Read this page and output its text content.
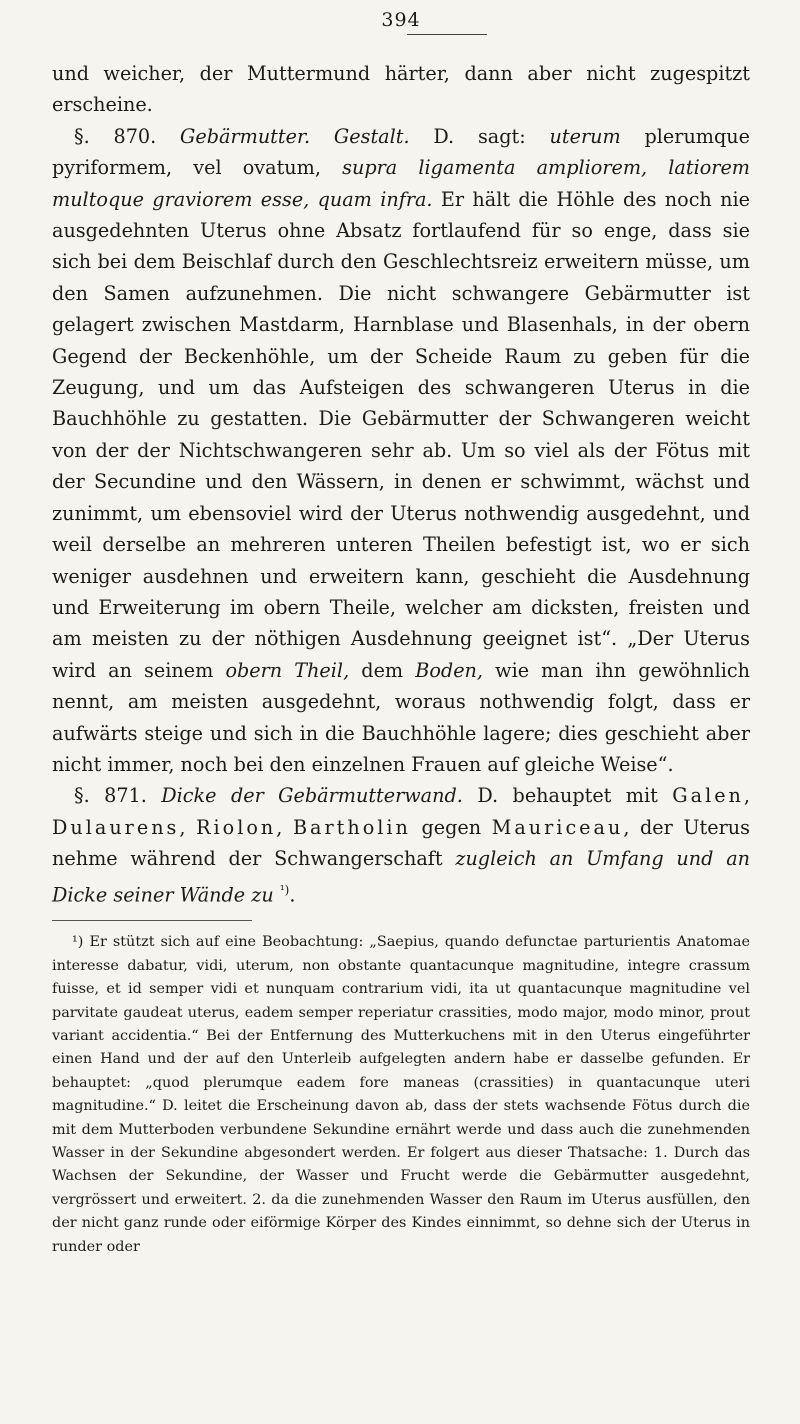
394

und weicher, der Muttermund härter, dann aber nicht zugespitzt erscheine.

§. 870. Gebärmutter. Gestalt. D. sagt: uterum plerumque pyriformem, vel ovatum, supra ligamenta ampliorem, latiorem multoque graviorem esse, quam infra. Er hält die Höhle des noch nie ausgedehnten Uterus ohne Absatz fortlaufend für so enge, dass sie sich bei dem Beischlaf durch den Geschlechtsreiz erweitern müsse, um den Samen aufzunehmen. Die nicht schwangere Gebärmutter ist gelagert zwischen Mastdarm, Harnblase und Blasenhals, in der obern Gegend der Beckenhöhle, um der Scheide Raum zu geben für die Zeugung, und um das Aufsteigen des schwangeren Uterus in die Bauchhöhle zu gestatten. Die Gebärmutter der Schwangeren weicht von der der Nichtschwangeren sehr ab. Um so viel als der Fötus mit der Secundine und den Wässern, in denen er schwimmt, wächst und zunimmt, um ebensoviel wird der Uterus nothwendig ausgedehnt, und weil derselbe an mehreren unteren Theilen befestigt ist, wo er sich weniger ausdehnen und erweitern kann, geschieht die Ausdehnung und Erweiterung im obern Theile, welcher am dicksten, freisten und am meisten zu der nöthigen Ausdehnung geeignet ist“. „Der Uterus wird an seinem obern Theil, dem Boden, wie man ihn gewöhnlich nennt, am meisten ausgedehnt, woraus nothwendig folgt, dass er aufwärts steige und sich in die Bauchhöhle lagere; dies geschieht aber nicht immer, noch bei den einzelnen Frauen auf gleiche Weise“.

§. 871. Dicke der Gebärmutterwand. D. behauptet mit Galen, Dulaurens, Riolon, Bartholin gegen Mauriceau, der Uterus nehme während der Schwangerschaft zugleich an Umfang und an Dicke seiner Wände zu $^{^1)}$.

¹) Er stützt sich auf eine Beobachtung: „Saepius, quando defunctae parturientis Anatomae interesse dabatur, vidi, uterum, non obstante quantacunque magnitudine, integre crassum fuisse, et id semper vidi et nunquam contrarium vidi, ita ut quantacunque magnitudine vel parvitate gaudeat uterus, eadem semper reperiatur crassities, modo major, modo minor, prout variant accidentia.“ Bei der Entfernung des Mutterkuchens mit in den Uterus eingeführter einen Hand und der auf den Unterleib aufgelegten andern habe er dasselbe gefunden. Er behauptet: „quod plerumque eadem fore maneas (crassities) in quantacunque uteri magnitudine.“ D. leitet die Erscheinung davon ab, dass der stets wachsende Fötus durch die mit dem Mutterboden verbundene Sekundine ernährt werde und dass auch die zunehmenden Wasser in der Sekundine abgesondert werden. Er folgert aus dieser Thatsache: 1. Durch das Wachsen der Sekundine, der Wasser und Frucht werde die Gebärmutter ausgedehnt, vergrössert und erweitert. 2. da die zunehmenden Wasser den Raum im Uterus ausfüllen, den der nicht ganz runde oder eiförmige Körper des Kindes einnimmt, so dehne sich der Uterus in runder oder
